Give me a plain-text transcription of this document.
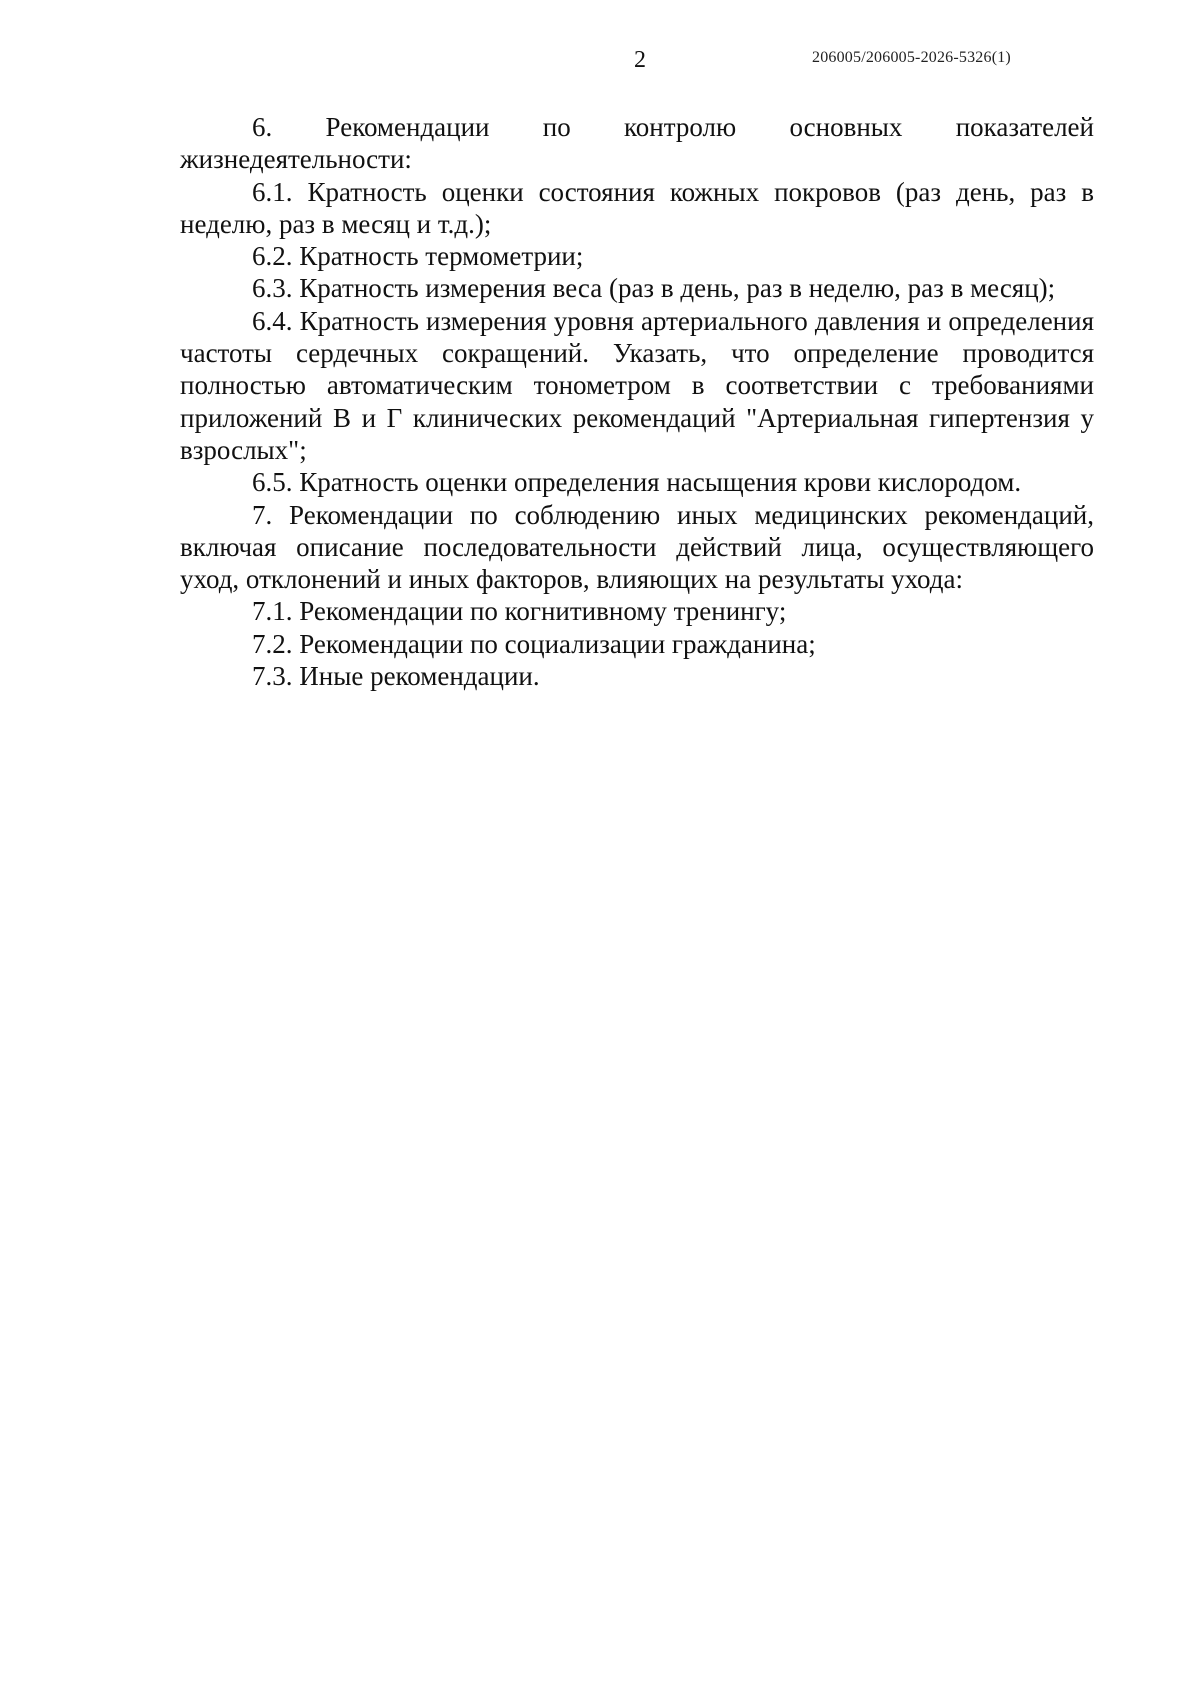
2	206005/206005-2026-5326(1)

6. Рекомендации по контролю основных показателей жизнедеятельности:

6.1. Кратность оценки состояния кожных покровов (раз день, раз в неделю, раз в месяц и т.д.);

6.2. Кратность термометрии;

6.3. Кратность измерения веса (раз в день, раз в неделю, раз в месяц);

6.4. Кратность измерения уровня артериального давления и определения частоты сердечных сокращений. Указать, что определение проводится полностью автоматическим тонометром в соответствии с требованиями приложений В и Г клинических рекомендаций "Артериальная гипертензия у взрослых";

6.5. Кратность оценки определения насыщения крови кислородом.

7. Рекомендации по соблюдению иных медицинских рекомендаций, включая описание последовательности действий лица, осуществляющего уход, отклонений и иных факторов, влияющих на результаты ухода:

7.1. Рекомендации по когнитивному тренингу;

7.2. Рекомендации по социализации гражданина;

7.3. Иные рекомендации.
